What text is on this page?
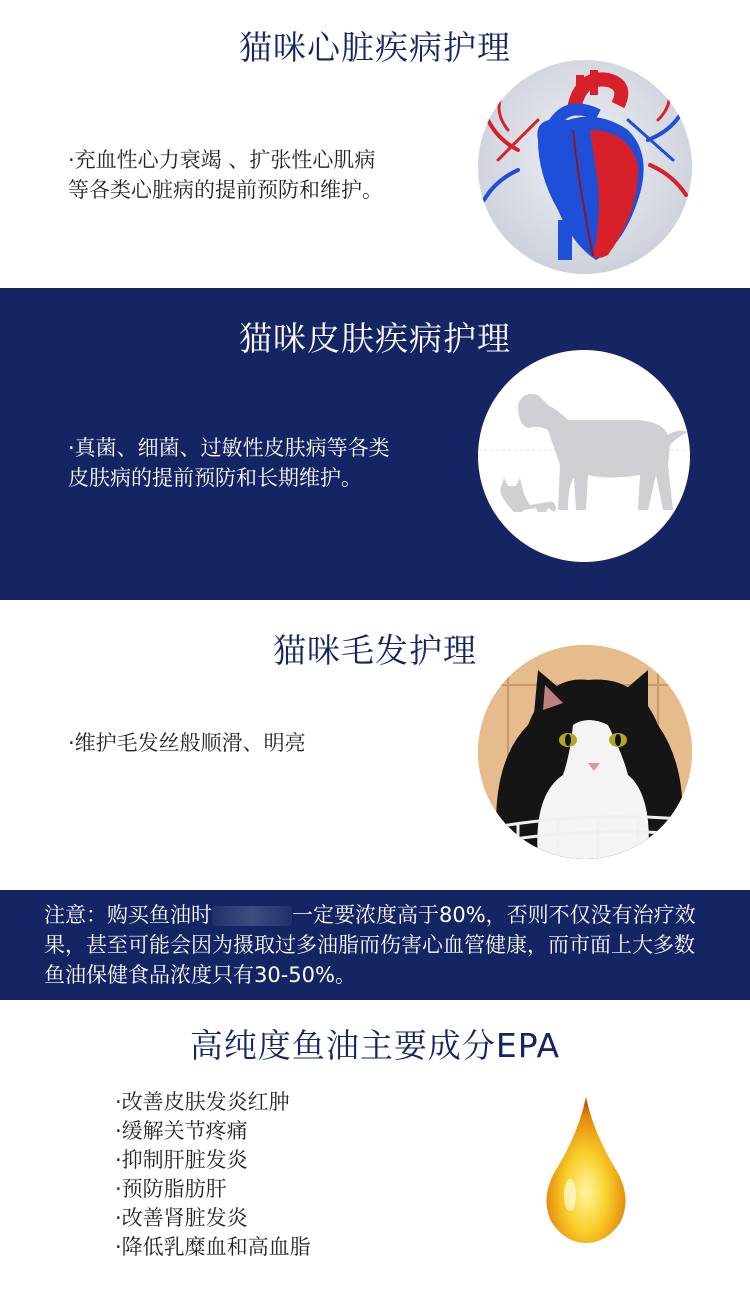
猫咪心脏疾病护理
·充血性心力衰竭 、扩张性心肌病
等各类心脏病的提前预防和维护。
猫咪皮肤疾病护理
·真菌、细菌、过敏性皮肤病等各类
皮肤病的提前预防和长期维护。
猫咪毛发护理
·维护毛发丝般顺滑、明亮
注意：购买鱼油时	一定要浓度高于80%，否则不仅没有治疗效果，甚至可能会因为摄取过多油脂而伤害心血管健康，而市面上大多数鱼油保健食品浓度只有30-50%。
高纯度鱼油主要成分EPA
·改善皮肤发炎红肿
·缓解关节疼痛
·抑制肝脏发炎
·预防脂肪肝
·改善肾脏发炎
·降低乳糜血和高血脂
